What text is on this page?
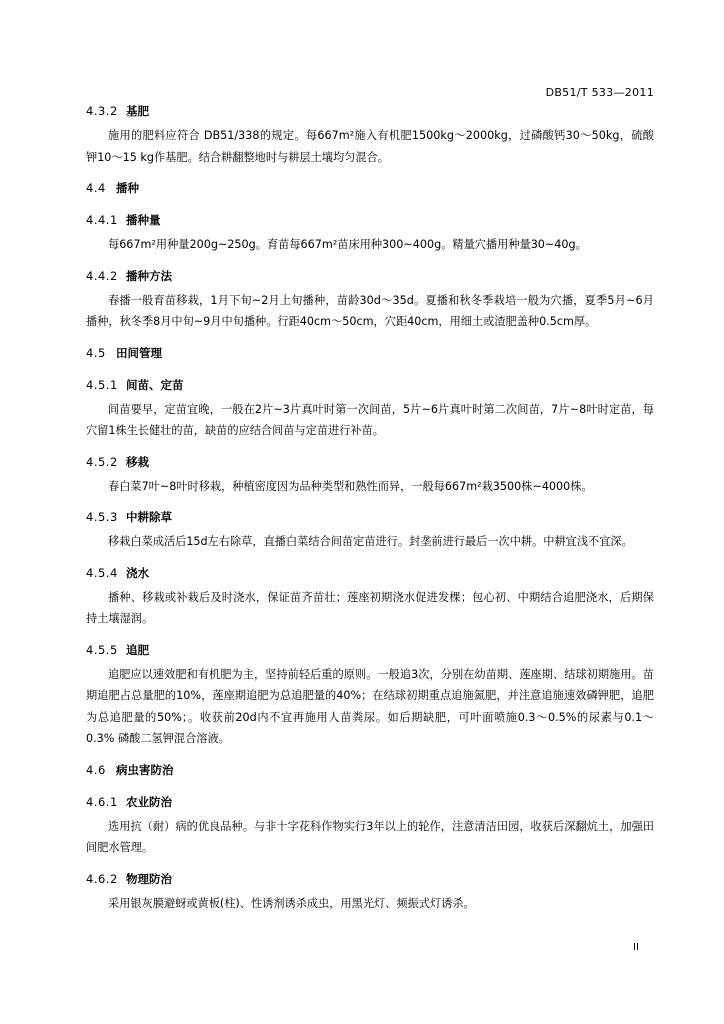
DB51/T 533—2011
4.3.2 基肥
施用的肥料应符合 DB51/338的规定。每667m²施入有机肥1500kg～2000kg，过磷酸钙30～50kg，硫酸钾10～15 kg作基肥。结合耕翻整地时与耕层土壤均匀混合。
4.4 播种
4.4.1 播种量
每667m²用种量200g~250g。育苗每667m²苗床用种300~400g。精量穴播用种量30~40g。
4.4.2 播种方法
春播一般育苗移栽，1月下旬~2月上旬播种，苗龄30d～35d。夏播和秋冬季栽培一般为穴播，夏季5月~6月播种，秋冬季8月中旬~9月中旬播种。行距40cm～50cm，穴距40cm，用细土或渣肥盖种0.5cm厚。
4.5 田间管理
4.5.1 间苗、定苗
间苗要早，定苗宜晚，一般在2片~3片真叶时第一次间苗，5片~6片真叶时第二次间苗，7片~8叶时定苗，每穴留1株生长健壮的苗，缺苗的应结合间苗与定苗进行补苗。
4.5.2 移栽
春白菜7叶~8叶时移栽，种植密度因为品种类型和熟性而异，一般每667m²栽3500株~4000株。
4.5.3 中耕除草
移栽白菜成活后15d左右除草，直播白菜结合间苗定苗进行。封垄前进行最后一次中耕。中耕宜浅不宜深。
4.5.4 浇水
播种、移栽或补栽后及时浇水，保证苗齐苗壮；莲座初期浇水促进发棵；包心初、中期结合追肥浇水，后期保持土壤湿润。
4.5.5 追肥
追肥应以速效肥和有机肥为主，坚持前轻后重的原则。一般追3次，分别在幼苗期、莲座期、结球初期施用。苗期追肥占总量肥的10%，莲座期追肥为总追肥量的40%；在结球初期重点追施氮肥，并注意追施速效磷钾肥，追肥为总追肥量的50%；。收获前20d内不宜再施用人苗粪尿。如后期缺肥，可叶面喷施0.3～0.5%的尿素与0.1～0.3% 磷酸二氢钾混合溶液。
4.6 病虫害防治
4.6.1 农业防治
选用抗（耐）病的优良品种。与非十字花科作物实行3年以上的轮作，注意清洁田园，收获后深翻炕土，加强田间肥水管理。
4.6.2 物理防治
采用银灰膜避蚜或黄板(柱)、性诱剂诱杀成虫，用黑光灯、频振式灯诱杀。
II
